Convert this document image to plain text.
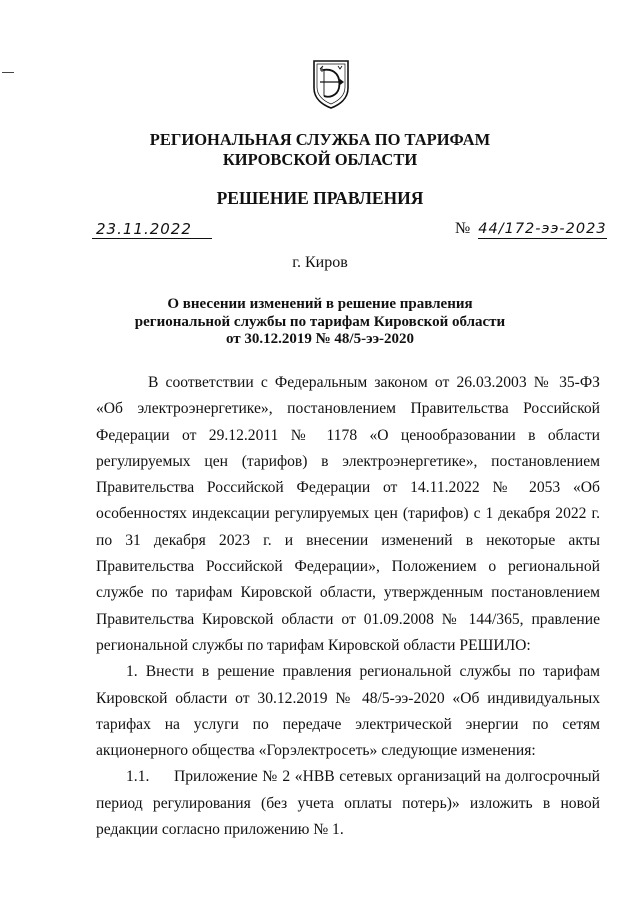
РЕГИОНАЛЬНАЯ СЛУЖБА ПО ТАРИФАМ
КИРОВСКОЙ ОБЛАСТИ
РЕШЕНИЕ ПРАВЛЕНИЯ
23.11.2022	№ 44/172-ээ-2023
г. Киров
О внесении изменений в решение правления
региональной службы по тарифам Кировской области
от 30.12.2019 № 48/5-ээ-2020

В соответствии с Федеральным законом от 26.03.2003 № 35-ФЗ «Об электроэнергетике», постановлением Правительства Российской Федерации от 29.12.2011 № 1178 «О ценообразовании в области регулируемых цен (тарифов) в электроэнергетике», постановлением Правительства Российской Федерации от 14.11.2022 № 2053 «Об особенностях индексации регулируемых цен (тарифов) с 1 декабря 2022 г. по 31 декабря 2023 г. и внесении изменений в некоторые акты Правительства Российской Федерации», Положением о региональной службе по тарифам Кировской области, утвержденным постановлением Правительства Кировской области от 01.09.2008 № 144/365, правление региональной службы по тарифам Кировской области РЕШИЛО:

1. Внести в решение правления региональной службы по тарифам Кировской области от 30.12.2019 № 48/5-ээ-2020 «Об индивидуальных тарифах на услуги по передаче электрической энергии по сетям акционерного общества «Горэлектросеть» следующие изменения:

1.1. Приложение № 2 «НВВ сетевых организаций на долгосрочный период регулирования (без учета оплаты потерь)» изложить в новой редакции согласно приложению № 1.
